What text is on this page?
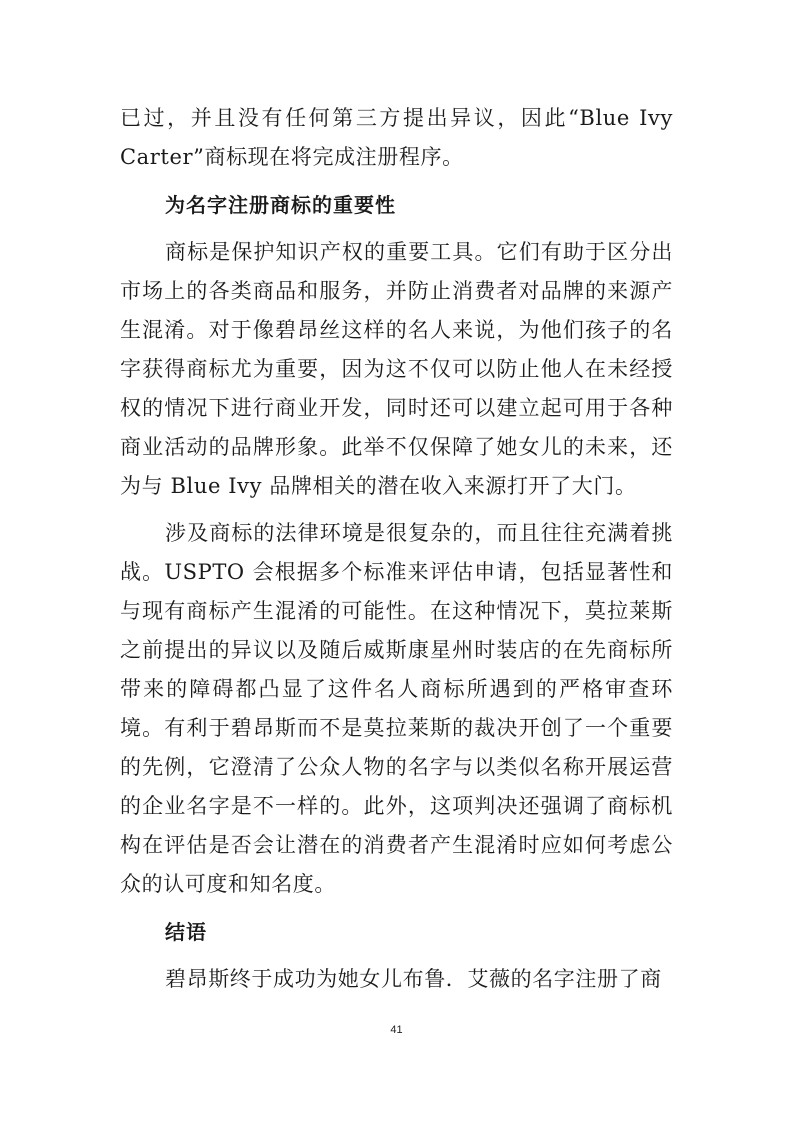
已过，并且没有任何第三方提出异议，因此“Blue Ivy Carter”商标现在将完成注册程序。

为名字注册商标的重要性

商标是保护知识产权的重要工具。它们有助于区分出市场上的各类商品和服务，并防止消费者对品牌的来源产生混淆。对于像碧昂丝这样的名人来说，为他们孩子的名字获得商标尤为重要，因为这不仅可以防止他人在未经授权的情况下进行商业开发，同时还可以建立起可用于各种商业活动的品牌形象。此举不仅保障了她女儿的未来，还为与 Blue Ivy 品牌相关的潜在收入来源打开了大门。

涉及商标的法律环境是很复杂的，而且往往充满着挑战。USPTO 会根据多个标准来评估申请，包括显著性和与现有商标产生混淆的可能性。在这种情况下，莫拉莱斯之前提出的异议以及随后威斯康星州时装店的在先商标所带来的障碍都凸显了这件名人商标所遇到的严格审查环境。有利于碧昂斯而不是莫拉莱斯的裁决开创了一个重要的先例，它澄清了公众人物的名字与以类似名称开展运营的企业名字是不一样的。此外，这项判决还强调了商标机构在评估是否会让潜在的消费者产生混淆时应如何考虑公众的认可度和知名度。

结语

碧昂斯终于成功为她女儿布鲁．艾薇的名字注册了商

41
